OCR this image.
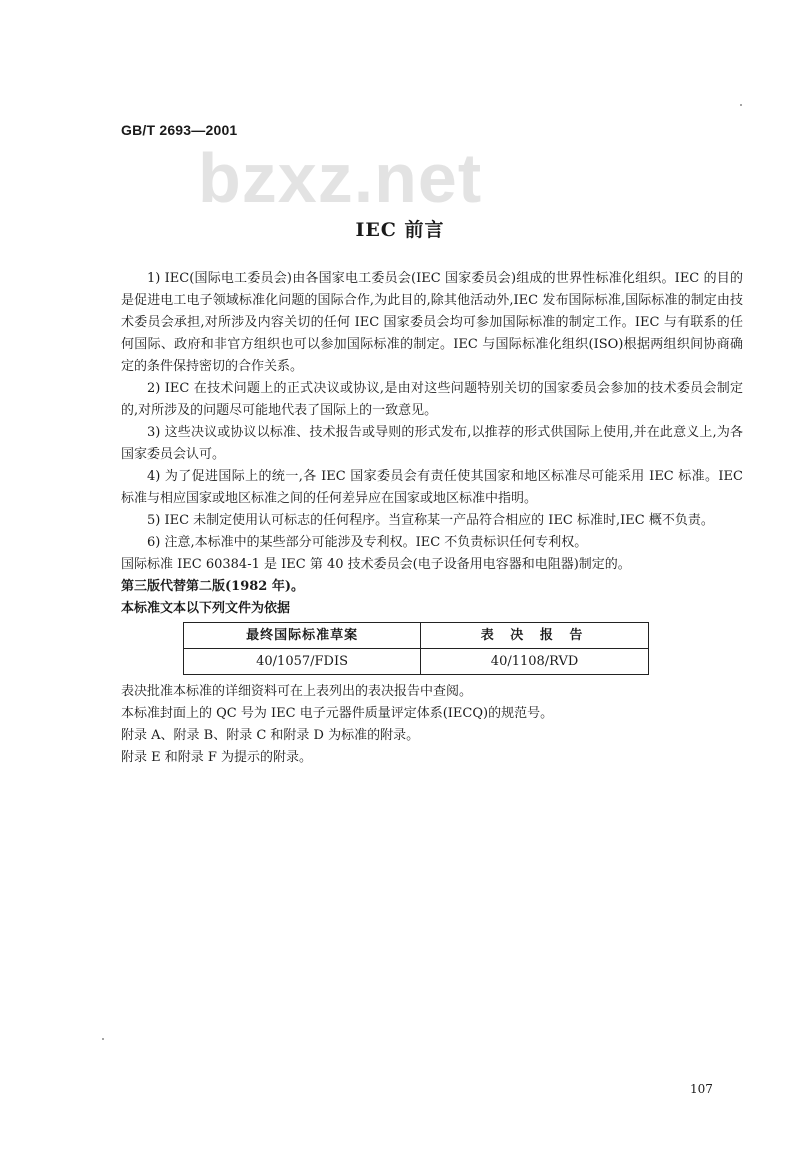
GB/T 2693—2001
bzxz.net
IEC 前言

1) IEC(国际电工委员会)由各国家电工委员会(IEC 国家委员会)组成的世界性标准化组织。IEC 的目的是促进电工电子领域标准化问题的国际合作,为此目的,除其他活动外,IEC 发布国际标准,国际标准的制定由技术委员会承担,对所涉及内容关切的任何 IEC 国家委员会均可参加国际标准的制定工作。IEC 与有联系的任何国际、政府和非官方组织也可以参加国际标准的制定。IEC 与国际标准化组织(ISO)根据两组织间协商确定的条件保持密切的合作关系。

2) IEC 在技术问题上的正式决议或协议,是由对这些问题特别关切的国家委员会参加的技术委员会制定的,对所涉及的问题尽可能地代表了国际上的一致意见。

3) 这些决议或协议以标准、技术报告或导则的形式发布,以推荐的形式供国际上使用,并在此意义上,为各国家委员会认可。

4) 为了促进国际上的统一,各 IEC 国家委员会有责任使其国家和地区标准尽可能采用 IEC 标准。IEC 标准与相应国家或地区标准之间的任何差异应在国家或地区标准中指明。

5) IEC 未制定使用认可标志的任何程序。当宣称某一产品符合相应的 IEC 标准时,IEC 概不负责。

6) 注意,本标准中的某些部分可能涉及专利权。IEC 不负责标识任何专利权。

国际标准 IEC 60384-1 是 IEC 第 40 技术委员会(电子设备用电容器和电阻器)制定的。

第三版代替第二版(1982 年)。

本标准文本以下列文件为依据

最终国际标准草案	表 决 报 告
40/1057/FDIS	40/1108/RVD

表决批准本标准的详细资料可在上表列出的表决报告中查阅。

本标准封面上的 QC 号为 IEC 电子元器件质量评定体系(IECQ)的规范号。

附录 A、附录 B、附录 C 和附录 D 为标准的附录。

附录 E 和附录 F 为提示的附录。

107
